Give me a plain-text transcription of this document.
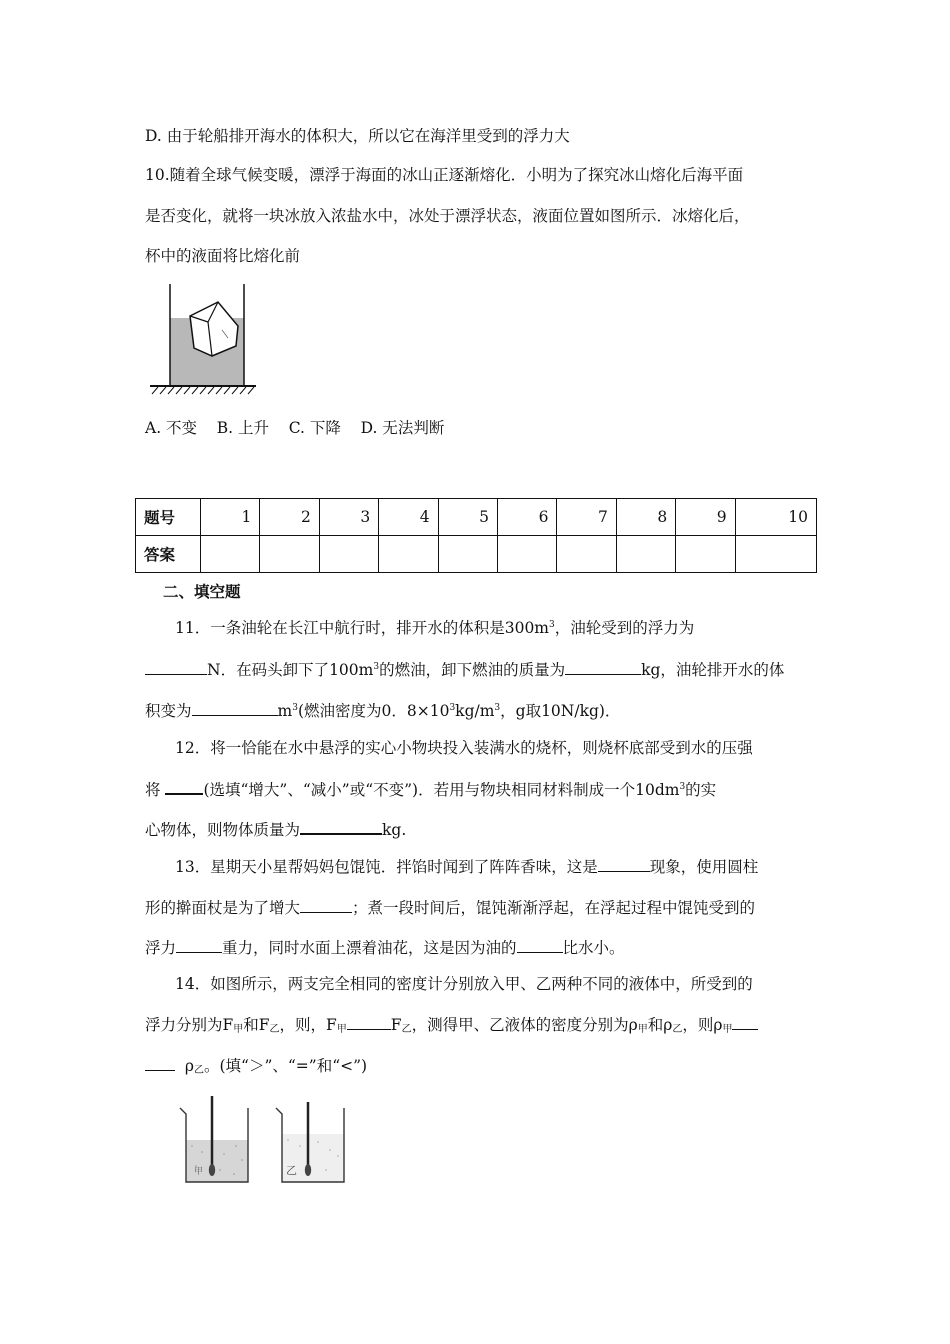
D. 由于轮船排开海水的体积大，所以它在海洋里受到的浮力大
10.随着全球气候变暖，漂浮于海面的冰山正逐渐熔化．小明为了探究冰山熔化后海平面
是否变化，就将一块冰放入浓盐水中，冰处于漂浮状态，液面位置如图所示．冰熔化后，
杯中的液面将比熔化前
A. 不变 B. 上升 C. 下降 D. 无法判断
题号	1	2	3	4	5	6	7	8	9	10
答案										
二、填空题
11．一条油轮在长江中航行时，排开水的体积是$300m^3$，油轮受到的浮力为
N．在码头卸下了$100m^3$的燃油，卸下燃油的质量为	kg，油轮排开水的体
积变为	$m^3$(燃油密度为0．$8\times 10^3kg/m^3$，g取10N/kg)．
12．将一恰能在水中悬浮的实心小物块投入装满水的烧杯，则烧杯底部受到水的压强
将	(选填“增大”、“减小”或“不变”)．若用与物块相同材料制成一个$10dm^3$的实
心物体，则物体质量为	kg.
13．星期天小星帮妈妈包馄饨．拌馅时闻到了阵阵香味，这是	现象，使用圆柱
形的擀面杖是为了增大	；煮一段时间后，馄饨渐渐浮起，在浮起过程中馄饨受到的
浮力	重力，同时水面上漂着油花，这是因为油的	比水小。
14．如图所示，两支完全相同的密度计分别放入甲、乙两种不同的液体中，所受到的
浮力分别为$F_甲$和$F_乙$，则，$F_甲$	$F_乙$，测得甲、乙液体的密度分别为$\rho_甲$和$\rho_乙$，则$\rho_甲$
$\rho_乙$。(填“＞”、“=”和“<”)
甲	乙
